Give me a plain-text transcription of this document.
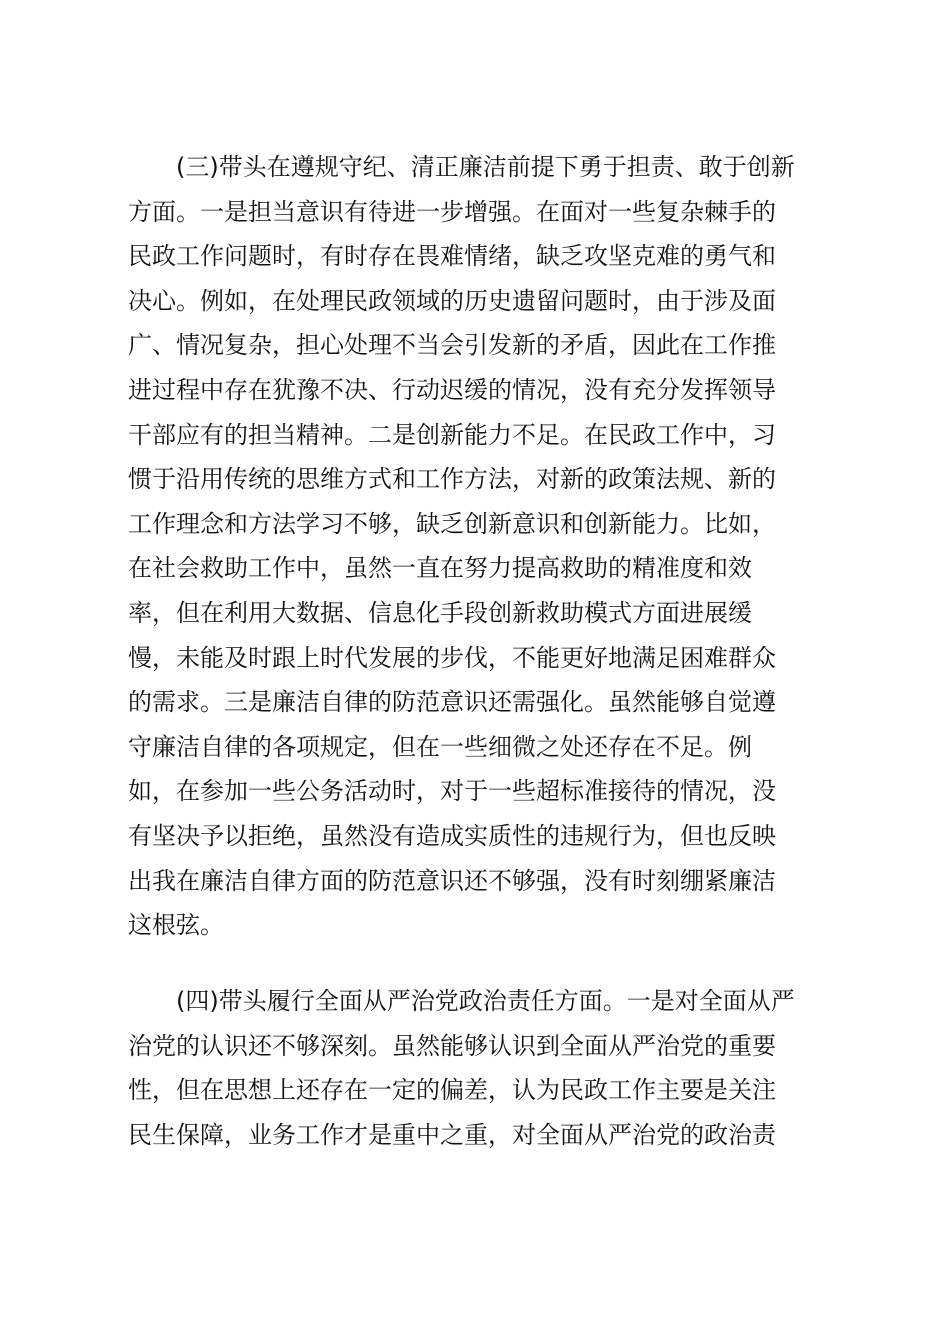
(三)带头在遵规守纪、清正廉洁前提下勇于担责、敢于创新
方面。一是担当意识有待进一步增强。在面对一些复杂棘手的
民政工作问题时，有时存在畏难情绪，缺乏攻坚克难的勇气和
决心。例如，在处理民政领域的历史遗留问题时，由于涉及面
广、情况复杂，担心处理不当会引发新的矛盾，因此在工作推
进过程中存在犹豫不决、行动迟缓的情况，没有充分发挥领导
干部应有的担当精神。二是创新能力不足。在民政工作中，习
惯于沿用传统的思维方式和工作方法，对新的政策法规、新的
工作理念和方法学习不够，缺乏创新意识和创新能力。比如，
在社会救助工作中，虽然一直在努力提高救助的精准度和效
率，但在利用大数据、信息化手段创新救助模式方面进展缓
慢，未能及时跟上时代发展的步伐，不能更好地满足困难群众
的需求。三是廉洁自律的防范意识还需强化。虽然能够自觉遵
守廉洁自律的各项规定，但在一些细微之处还存在不足。例
如，在参加一些公务活动时，对于一些超标准接待的情况，没
有坚决予以拒绝，虽然没有造成实质性的违规行为，但也反映
出我在廉洁自律方面的防范意识还不够强，没有时刻绷紧廉洁
这根弦。
(四)带头履行全面从严治党政治责任方面。一是对全面从严
治党的认识还不够深刻。虽然能够认识到全面从严治党的重要
性，但在思想上还存在一定的偏差，认为民政工作主要是关注
民生保障，业务工作才是重中之重，对全面从严治党的政治责
